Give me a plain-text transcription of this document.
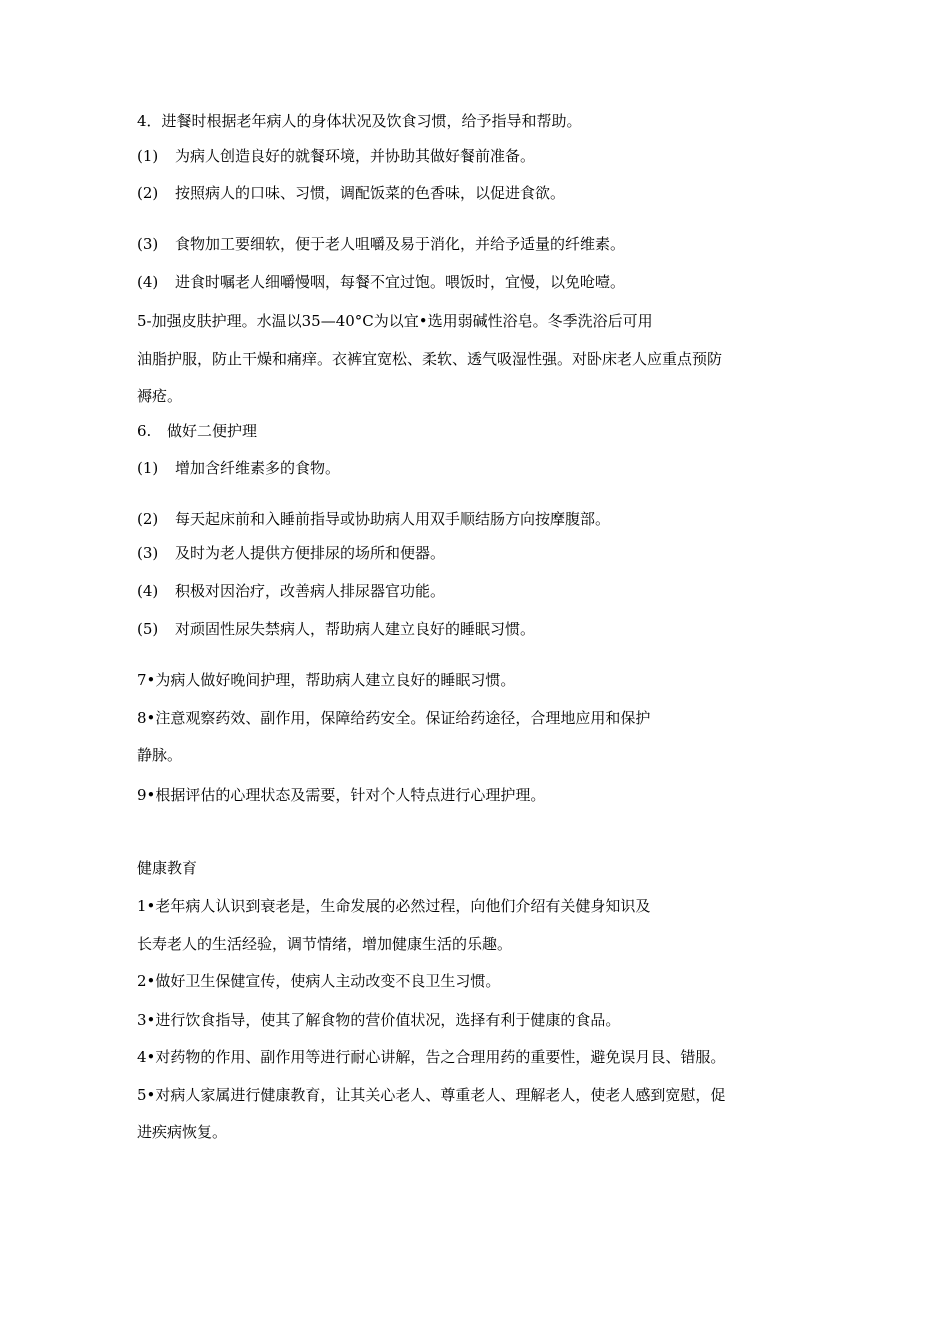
4．进餐时根据老年病人的身体状况及饮食习惯，给予指导和帮助。
(1) 为病人创造良好的就餐环境，并协助其做好餐前准备。
(2) 按照病人的口味、习惯，调配饭菜的色香味，以促进食欲。
(3) 食物加工要细软，便于老人咀嚼及易于消化，并给予适量的纤维素。
(4) 进食时嘱老人细嚼慢咽，每餐不宜过饱。喂饭时，宜慢，以免呛噎。
5-加强皮肤护理。水温以35—40°C为以宜•选用弱碱性浴皂。冬季洗浴后可用
油脂护服，防止干燥和痛痒。衣裤宜宽松、柔软、透气吸湿性强。对卧床老人应重点预防
褥疮。
6. 做好二便护理
(1) 增加含纤维素多的食物。
(2) 每天起床前和入睡前指导或协助病人用双手顺结肠方向按摩腹部。
(3) 及时为老人提供方便排尿的场所和便器。
(4) 积极对因治疗，改善病人排尿器官功能。
(5) 对顽固性尿失禁病人，帮助病人建立良好的睡眠习惯。
7•为病人做好晚间护理，帮助病人建立良好的睡眠习惯。
8•注意观察药效、副作用，保障给药安全。保证给药途径，合理地应用和保护
静脉。
9•根据评估的心理状态及需要，针对个人特点进行心理护理。
健康教育
1•老年病人认识到衰老是，生命发展的必然过程，向他们介绍有关健身知识及
长寿老人的生活经验，调节情绪，增加健康生活的乐趣。
2•做好卫生保健宣传，使病人主动改变不良卫生习惯。
3•进行饮食指导，使其了解食物的营价值状况，选择有利于健康的食品。
4•对药物的作用、副作用等进行耐心讲解，告之合理用药的重要性，避免误月艮、错服。
5•对病人家属进行健康教育，让其关心老人、尊重老人、理解老人，使老人感到宽慰，促
进疾病恢复。
